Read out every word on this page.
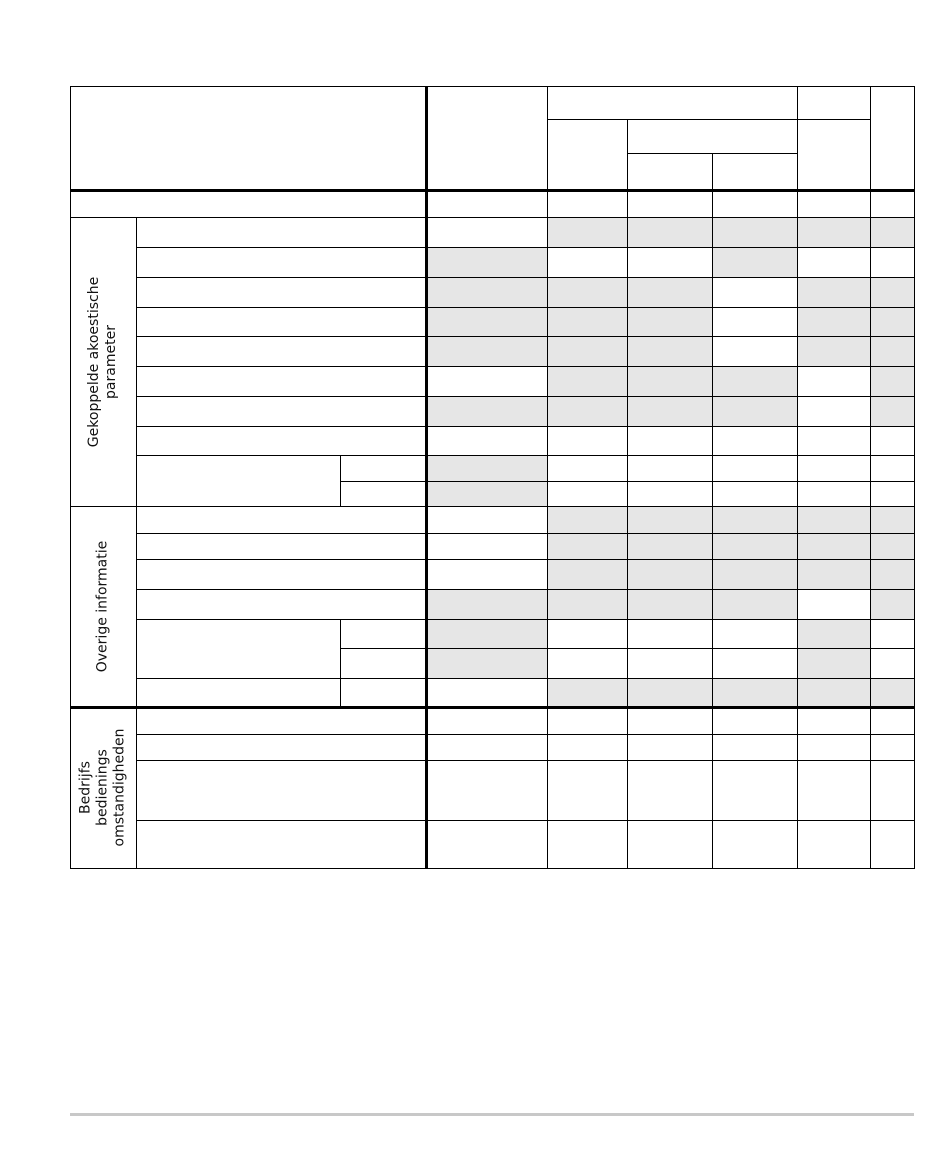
Gekoppelde akoestische
parameter
Overige informatie
Bedrijfs
bedienings
omstandigheden
